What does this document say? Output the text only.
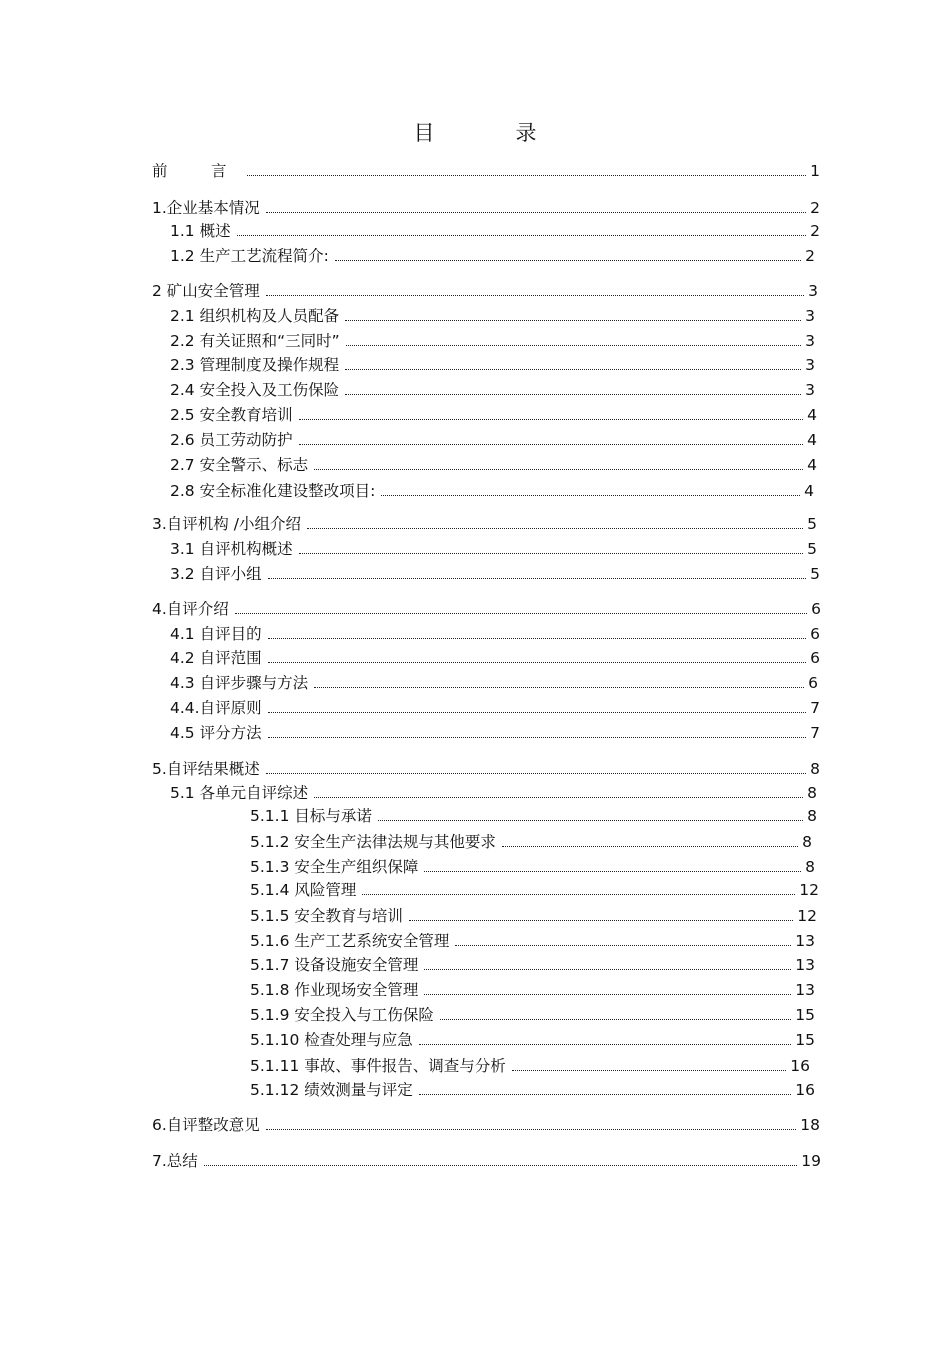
目　录
前　言	1
1.企业基本情况	2
1.1 概述	2
1.2 生产工艺流程简介:	2
2 矿山安全管理	3
2.1 组织机构及人员配备	3
2.2 有关证照和“三同时”	3
2.3 管理制度及操作规程	3
2.4 安全投入及工伤保险	3
2.5 安全教育培训	4
2.6 员工劳动防护	4
2.7 安全警示、标志	4
2.8 安全标准化建设整改项目:	4
3.自评机构 /小组介绍	5
3.1 自评机构概述	5
3.2 自评小组	5
4.自评介绍	6
4.1 自评目的	6
4.2 自评范围	6
4.3 自评步骤与方法	6
4.4.自评原则	7
4.5 评分方法	7
5.自评结果概述	8
5.1 各单元自评综述	8
5.1.1 目标与承诺	8
5.1.2 安全生产法律法规与其他要求	8
5.1.3 安全生产组织保障	8
5.1.4 风险管理	12
5.1.5 安全教育与培训	12
5.1.6 生产工艺系统安全管理	13
5.1.7 设备设施安全管理	13
5.1.8 作业现场安全管理	13
5.1.9 安全投入与工伤保险	15
5.1.10 检查处理与应急	15
5.1.11 事故、事件报告、调查与分析	16
5.1.12 绩效测量与评定	16
6.自评整改意见	18
7.总结	19
